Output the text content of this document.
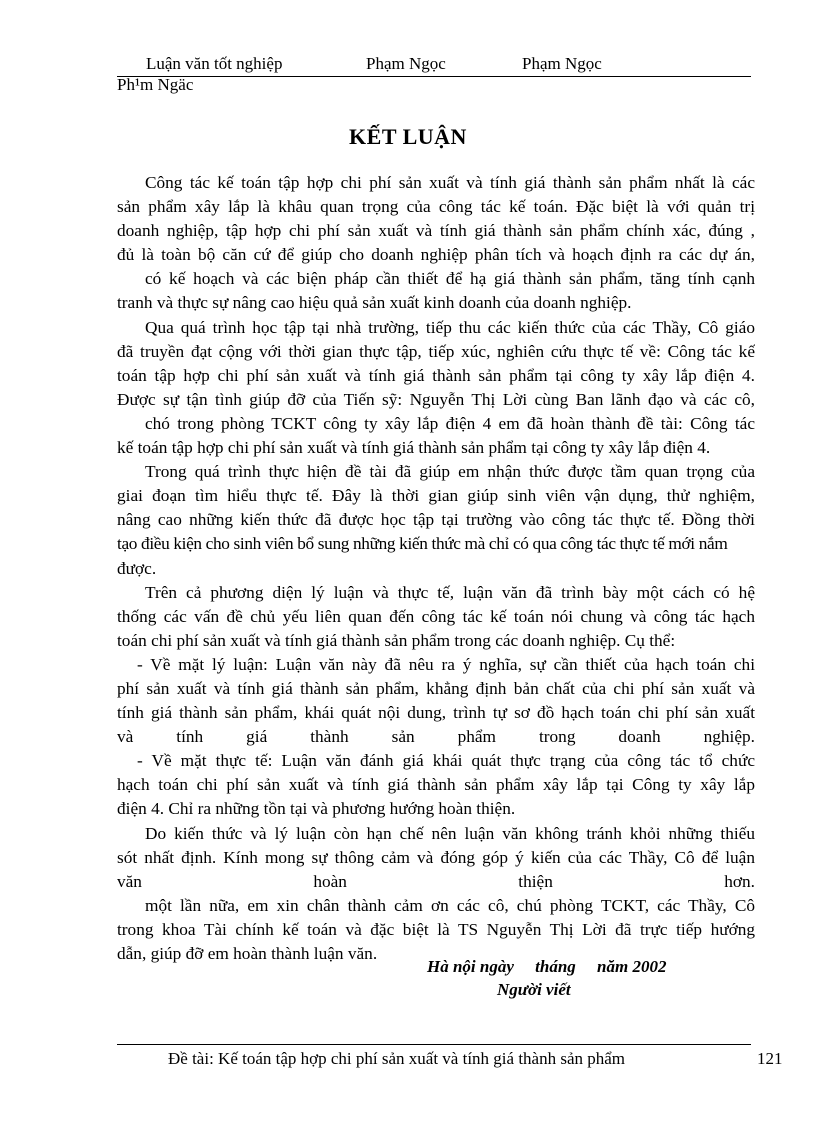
Luận văn tốt nghiệp	Phạm Ngọc	Phạm Ngọc
Ph¹m Ngäc
KẾT LUẬN
Công tác kế toán tập hợp chi phí sản xuất và tính giá thành sản phẩm nhất là các
sản phẩm xây lắp là khâu quan trọng của công tác kế toán. Đặc biệt là với quản trị
doanh nghiệp, tập hợp chi phí sản xuất và tính giá thành sản phẩm chính xác, đúng ,
đủ là toàn bộ căn cứ để giúp cho doanh nghiệp phân tích và hoạch định ra các dự án,
có kế hoạch và các biện pháp cần thiết để hạ giá thành sản phẩm, tăng tính cạnh
tranh và thực sự nâng cao hiệu quả sản xuất kinh doanh của doanh nghiệp.
Qua quá trình học tập tại nhà trường, tiếp thu các kiến thức của các Thầy, Cô giáo
đã truyền đạt cộng với thời gian thực tập, tiếp xúc, nghiên cứu thực tế về: Công tác kế
toán tập hợp chi phí sản xuất và tính giá thành sản phẩm tại công ty xây lắp điện 4.
Được sự tận tình giúp đỡ của Tiến sỹ: Nguyễn Thị Lời cùng Ban lãnh đạo và các cô,
chó trong phòng TCKT công ty xây lắp điện 4 em đã hoàn thành đề tài: Công tác
kế toán tập hợp chi phí sản xuất và tính giá thành sản phẩm tại công ty xây lắp điện 4.
Trong quá trình thực hiện đề tài đã giúp em nhận thức được tầm quan trọng của
giai đoạn tìm hiểu thực tế. Đây là thời gian giúp sinh viên vận dụng, thử nghiệm,
nâng cao những kiến thức đã được học tập tại trường vào công tác thực tế. Đồng thời
tạo điều kiện cho sinh viên bổ sung những kiến thức mà chỉ có qua công tác thực tế mới nắm
được.
Trên cả phương diện lý luận và thực tế, luận văn đã trình bày một cách có hệ
thống các vấn đề chủ yếu liên quan đến công tác kế toán nói chung và công tác hạch
toán chi phí sản xuất và tính giá thành sản phẩm trong các doanh nghiệp. Cụ thể:
- Về mặt lý luận: Luận văn này đã nêu ra ý nghĩa, sự cần thiết của hạch toán chi
phí sản xuất và tính giá thành sản phẩm, khẳng định bản chất của chi phí sản xuất và
tính giá thành sản phẩm, khái quát nội dung, trình tự sơ đồ hạch toán chi phí sản xuất
và tính giá thành sản phẩm trong doanh nghiệp.
- Về mặt thực tế: Luận văn đánh giá khái quát thực trạng của công tác tổ chức
hạch toán chi phí sản xuất và tính giá thành sản phẩm xây lắp tại Công ty xây lắp
điện 4. Chỉ ra những tồn tại và phương hướng hoàn thiện.
Do kiến thức và lý luận còn hạn chế nên luận văn không tránh khỏi những thiếu
sót nhất định. Kính mong sự thông cảm và đóng góp ý kiến của các Thầy, Cô để luận
văn hoàn thiện hơn.
một lần nữa, em xin chân thành cảm ơn các cô, chú phòng TCKT, các Thầy, Cô
trong khoa Tài chính kế toán và đặc biệt là TS Nguyễn Thị Lời đã trực tiếp hướng
dẫn, giúp đỡ em hoàn thành luận văn.
Hà nội ngày     tháng     năm 2002
Người viết
Đề tài: Kế toán tập hợp chi phí sản xuất và tính giá thành sản phẩm	121
